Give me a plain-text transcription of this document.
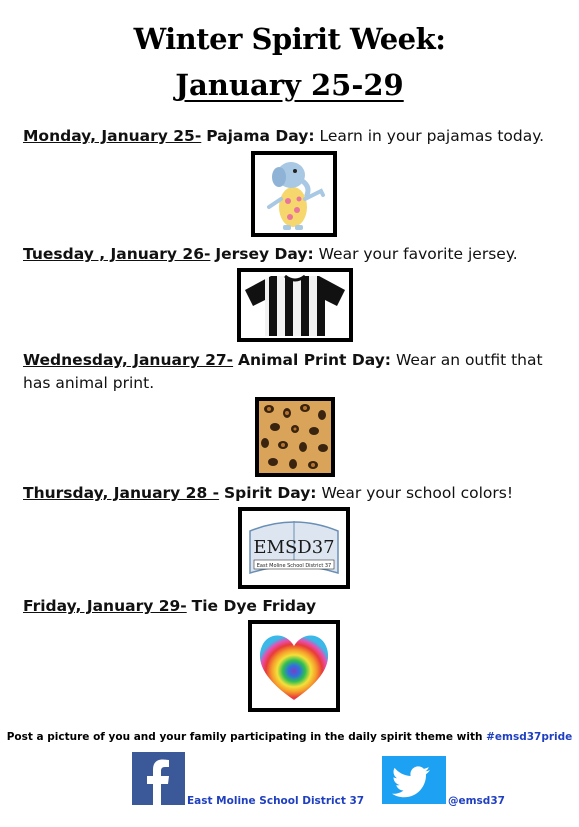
Winter Spirit Week:
January 25-29
Monday, January 25- Pajama Day: Learn in your pajamas today.
Tuesday , January 26- Jersey Day: Wear your favorite jersey.
Wednesday, January 27- Animal Print Day: Wear an outfit that has animal print.
Thursday, January 28 - Spirit Day: Wear your school colors!
EMSD37
East Moline School District 37
Friday, January 29- Tie Dye Friday
Post a picture of you and your family participating in the daily spirit theme with #emsd37pride
East Moline School District 37	@emsd37
